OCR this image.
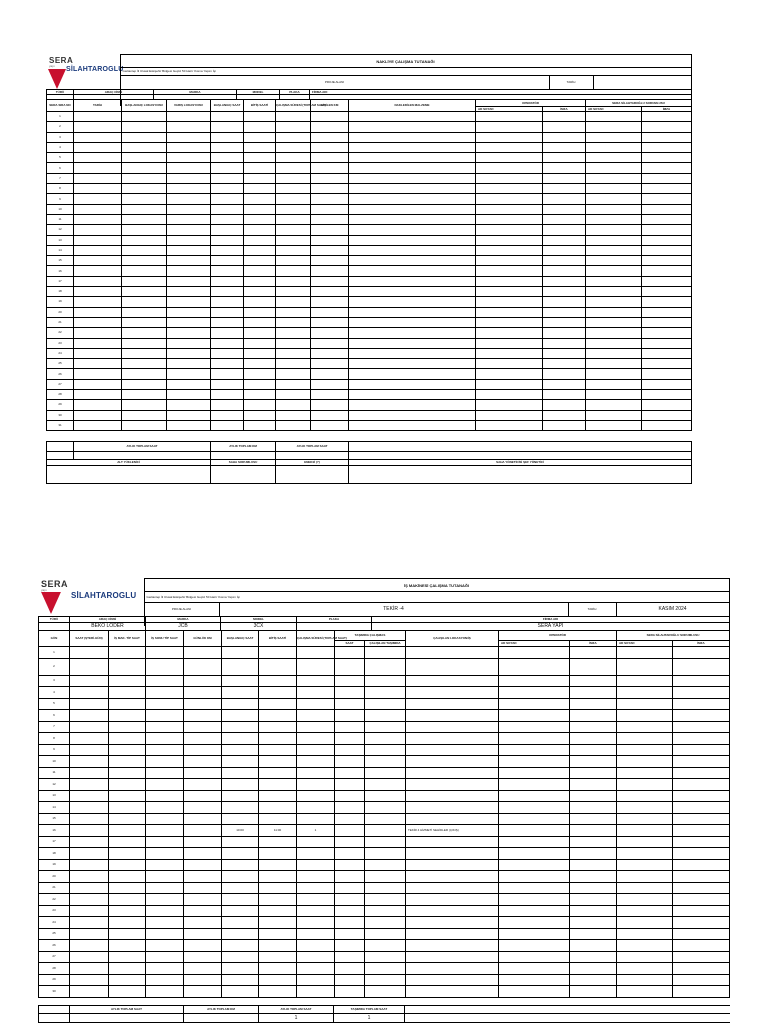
SERA
yapı SİLAHTAROGLU
	NAKLİYE ÇALIŞMA TUTANAĞI		
	Gaziantep İli Ulusal Eskişehir Bölgesi Geçici 50 Hazır Kısma Yapım İşi		
	PROJE ALANI	TARİH	
TÜRÜ	ARAÇ CİNSİ	MARKA	MODEL	PLAKA	FİRMA ADI

SERA SIRA NO	TARİH	BAŞLANGIÇ LOKASYONU	VARIŞ LOKASYONU	BAŞLANGIÇ SAAT	BİTİŞ SAATİ	ÇALIŞMA SÜRESİ (TOPLAM SAAT)	GİDİLEN KM	NAKLEDİLEN MALZEME	OPERATÖR		SERA SİLAHTAROĞLU SORUMLUSU	
									AD SOYAD	İMZA	AD SOYAD	İMZA
1												
2												
3												
4												
5												
6												
7												
8												
9												
10												
11												
12												
13												
14												
15												
16												
17												
18												
19												
20												
21												
22												
23												
24												
25												
26												
27												
28												
29												
30												
31												
	AYLIK TOPLAM SAAT	AYLIK TOPLAM KM	AYLIK TOPLAM SAAT	

ALT YÜKLENİCİ	SAHA SORUMLUSU	ENERJİ (?)	SAHA YÖNETİCİSİ ŞEF YÖNETİCİ

SERA
yapı
SİLAHTAROGLU
	İŞ MAKİNESİ ÇALIŞMA TUTANAĞI			
	Gaziantep İli Ulusal Eskişehir Bölgesi Geçici 50 Hazır Kısma Yapım İşi			
	PROJE ALANI	TEKİR -4	TARİH	KASIM 2024
TÜRÜ	ARAÇ CİNSİ	MARKA	MODEL	PLAKA	FİRMA ADI
	BEKO LODER	JCB	3CX		SERA YAPI
GÜN	SAAT (ŞTERİ-GÜN)	İŞ MAK. TİP SAAT	İŞ SONU TİP SAAT	GÜNLÜK KM	BAŞLANGIÇ SAAT	BİTİŞ SAATİ	ÇALIŞMA SÜRESİ (TOPLAM SAAT)	TAŞIMIDA ÇALIŞMAS		ÇALIŞILAN LOKASYON/İŞ	OPERATÖR		SERA SİLAHTAROĞLU SORUMLUSU	
								SAAT	ÇALIŞILAN TAŞIMIDA		AD SOYAD	İMZA	AD SOYAD	İMZA
1														
2														
3														
4														
5														
6														
7														
8														
9														
10														
11														
12														
13														
14														
15														
16					10:00	11:00	1			TEKİR 4 HİZMETİ SEHİDLER (ÇIKIŞ)				
17														
18														
19														
20														
21														
22														
23														
24														
25														
26														
27														
28														
29														
30														
	AYLIK TOPLAM SAAT	AYLIK TOPLAM KM	AYLIK TOPLAM SAAT	TAŞIMIDA TOPLAM SAAT	
			1	1	
